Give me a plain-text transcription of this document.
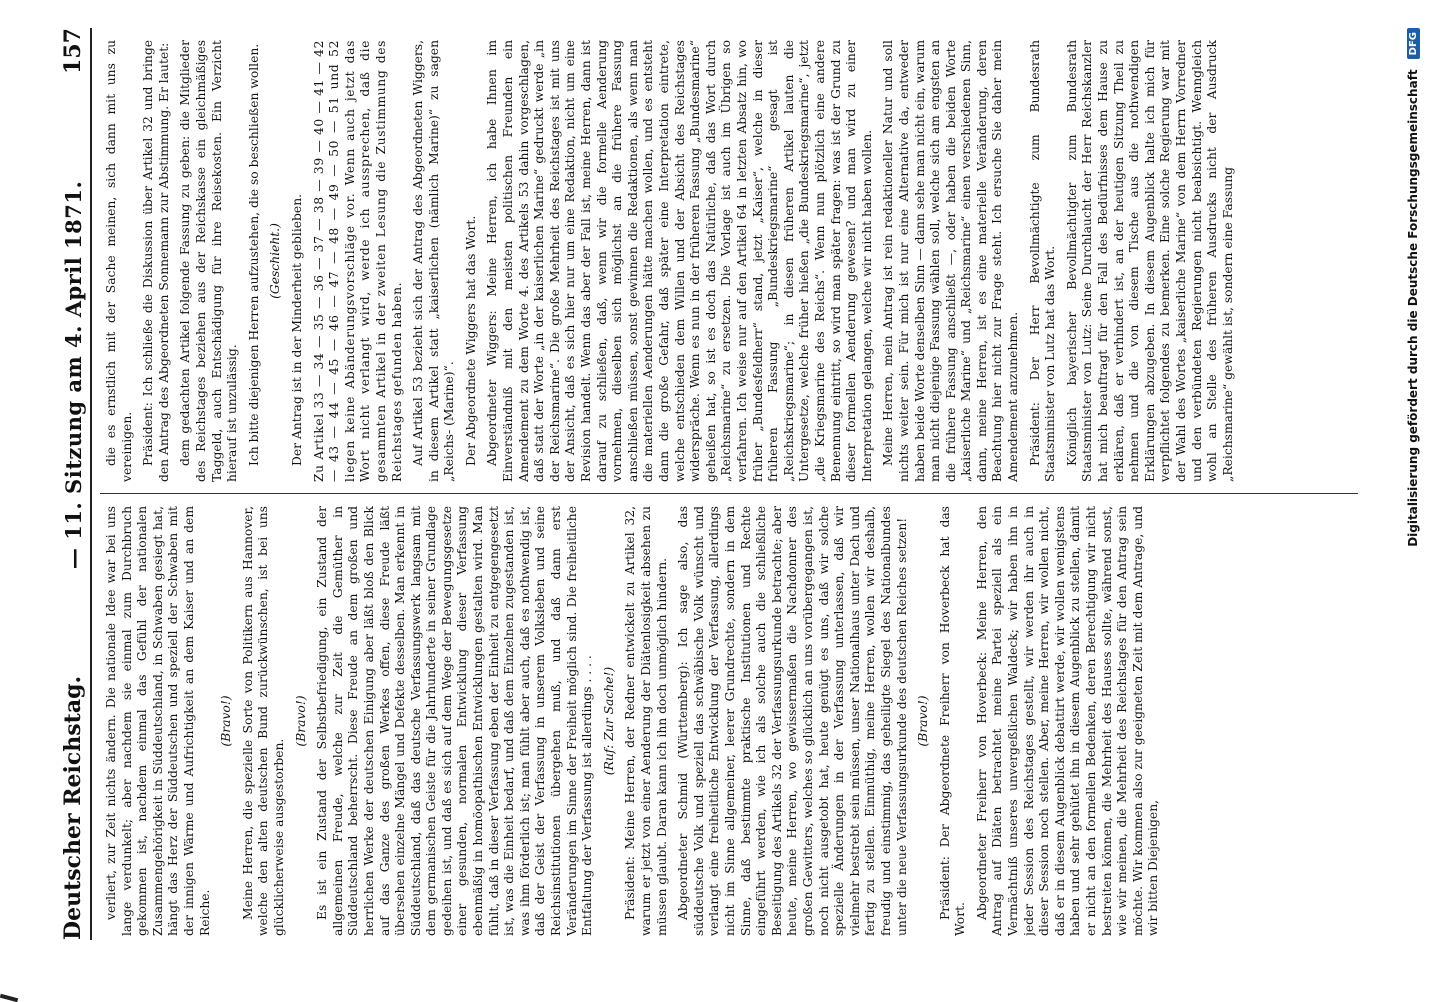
Deutscher Reichstag.
— 11. Sitzung am 4. April 1871.
157

verliert, zur Zeit nichts ändern. Die nationale Idee war bei uns lange verdunkelt; aber nachdem sie einmal zum Durchbruch gekommen ist, nachdem einmal das Gefühl der nationalen Zusammengehörigkeit in Süddeutschland, in Schwaben gesiegt hat, hängt das Herz der Süddeutschen und speziell der Schwaben mit der innigen Wärme und Aufrichtigkeit an dem Kaiser und an dem Reiche.

(Bravo!) Meine Herren, die spezielle Sorte von Politikern aus Hannover, welche den alten deutschen Bund zurückwünschen, ist bei uns glücklicherweise ausgestorben.

(Bravo!) Es ist ein Zustand der Selbstbefriedigung, ein Zustand der allgemeinen Freude, welche zur Zeit die Gemüther in Süddeutschland beherrscht. Diese Freude an dem großen und herrlichen Werke der deutschen Einigung aber läßt bloß den Blick auf das Ganze des großen Werkes offen, diese Freude läßt übersehen einzelne Mängel und Defekte desselben. Man erkennt in Süddeutschland, daß das deutsche Verfassungswerk langsam mit dem germanischen Geiste für die Jahrhunderte in seiner Grundlage gedeihen ist, und daß es sich auf dem Wege der Bewegungsgesetze einer gesunden, normalen Entwicklung dieser Verfassung ebenmäßig in homöopathischen Entwicklungen gestalten wird. Man fühlt, daß in dieser Verfassung eben der Einheit zu entgegengesetzt ist, was die Einheit bedarf, und daß dem Einzelnen zugestanden ist, was ihm förderlich ist; man fühlt aber auch, daß es nothwendig ist, daß der Geist der Verfassung in unserem Volksleben und seine Reichsinstitutionen übergehen muß, und daß dann erst Veränderungen im Sinne der Freiheit möglich sind. Die freiheitliche Entfaltung der Verfassung ist allerdings . . . . (Ruf: Zur Sache!) Präsident: Meine Herren, der Redner entwickelt zu Artikel 32, warum er jetzt von einer Aenderung der Diätenlosigkeit absehen zu müssen glaubt. Daran kann ich ihn doch unmöglich hindern. Abgeordneter Schmid (Württemberg): Ich sage also, das süddeutsche Volk und speziell das schwäbische Volk wünscht und verlangt eine freiheitliche Entwicklung der Verfassung, allerdings nicht im Sinne allgemeiner, leerer Grundrechte, sondern in dem Sinne, daß bestimmte praktische Institutionen und Rechte eingeführt werden, wie ich als solche auch die schließliche Beseitigung des Artikels 32 der Verfassungsurkunde betrachte; aber heute, meine Herren, wo gewissermaßen die Nachdonner des großen Gewitters, welches so glücklich an uns vorübergegangen ist, noch nicht ausgetobt hat, heute genügt es uns, daß wir solche spezielle Änderungen in der Verfassung unterlassen, daß wir vielmehr bestrebt sein müssen, unser Nationalhaus unter Dach und fertig zu stellen. Einmüthig, meine Herren, wollen wir deshalb, freudig und einstimmig, das geheiligte Siegel des Nationalbundes unter die neue Verfassungsurkunde des deutschen Reiches setzen! (Bravo!) Präsident: Der Abgeordnete Freiherr von Hoverbeck hat das Wort. Abgeordneter Freiherr von Hoverbeck: Meine Herren, den Antrag auf Diäten betrachtet meine Partei speziell als ein Vermächtniß unseres unvergeßlichen Waldeck; wir haben ihn in jeder Session des Reichstages gestellt, wir werden ihr auch in dieser Session noch stellen. Aber, meine Herren, wir wollen nicht, daß er in diesem Augenblick debattirt werde, wir wollen wenigstens haben und sehr gehütet ihn in diesem Augenblick zu stellen, damit er nicht an den formellen Bedenken, deren Berechtigung wir nicht bestreiten können, die Mehrheit des Hauses sollte, während sonst, wie wir meinen, die Mehrheit des Reichstages für den Antrag sein möchte. Wir kommen also zur geeigneten Zeit mit dem Antrage, und wir bitten Diejenigen,

die es ernstlich mit der Sache meinen, sich dann mit uns zu vereinigen. Präsident: Ich schließe die Diskussion über Artikel 32 und bringe den Antrag des Abgeordneten Sonnemann zur Abstimmung. Er lautet: dem gedachten Artikel folgende Fassung zu geben: die Mitglieder des Reichstages beziehen aus der Reichskasse ein gleichmäßiges Taggeld, auch Entschädigung für ihre Reisekosten. Ein Verzicht hierauf ist unzulässig. Ich bitte diejenigen Herren aufzustehen, die so beschließen wollen. (Geschieht.) Der Antrag ist in der Minderheit geblieben. Zu Artikel 33 — 34 — 35 — 36 — 37 — 38 — 39 — 40 — 41 — 42 — 43 — 44 — 45 — 46 — 47 — 48 — 49 — 50 — 51 und 52 liegen keine Abänderungsvorschläge vor. Wenn auch jetzt das Wort nicht verlangt wird, werde ich aussprechen, daß die gesammten Artikel in der zweiten Lesung die Zustimmung des Reichstages gefunden haben. Auf Artikel 53 bezieht sich der Antrag des Abgeordneten Wiggers, in diesem Artikel statt „kaiserlichen (nämlich Marine)“ zu sagen „Reichs- (Marine)“. Der Abgeordnete Wiggers hat das Wort. Abgeordneter Wiggers: Meine Herren, ich habe Ihnen im Einverständniß mit den meisten politischen Freunden ein Amendement zu dem Worte 4. des Artikels 53 dahin vorgeschlagen, daß statt der Worte „in der kaiserlichen Marine“ gedruckt werde „in der Reichsmarine“. Die große Mehrheit des Reichstages ist mit uns der Ansicht, daß es sich hier nur um eine Redaktion, nicht um eine Revision handelt. Wenn das aber der Fall ist, meine Herren, dann ist darauf zu schließen, daß, wenn wir die formelle Aenderung vornehmen, dieselben sich möglichst an die frühere Fassung anschließen müssen, sonst gewinnen die Redaktionen, als wenn man die materiellen Aenderungen hätte machen wollen, und es entsteht dann die große Gefahr, daß später eine Interpretation eintrete, welche entschieden dem Willen und der Absicht des Reichstages widerspräche. Wenn es nun in der früheren Fassung „Bundesmarine“ geheißen hat, so ist es doch das Natürliche, daß das Wort durch „Reichsmarine“ zu ersetzen. Die Vorlage ist auch im Übrigen so verfahren. Ich weise nur auf den Artikel 64 in letzten Absatz hin, wo früher „Bundesfeldherr“ stand, jetzt „Kaiser“, welche in dieser früheren Fassung „Bundeskriegsmarine“ gesagt ist „Reichskriegsmarine“; in diesen früheren Artikel lauten die Untergesetze, welche früher hießen „die Bundeskriegsmarine“, jetzt „die Kriegsmarine des Reichs“. Wenn nun plötzlich eine andere Benennung eintritt, so wird man später fragen: was ist der Grund zu dieser formellen Aenderung gewesen? und man wird zu einer Interpretation gelangen, welche wir nicht haben wollen. Meine Herren, mein Antrag ist rein redaktioneller Natur und soll nichts weiter sein. Für mich ist nur eine Alternative da, entweder haben beide Worte denselben Sinn — dann sehe man nicht ein, warum man nicht diejenige Fassung wählen soll, welche sich am engsten an die frühere Fassung anschließt —, oder haben die beiden Worte „kaiserliche Marine“ und „Reichsmarine“ einen verschiedenen Sinn, dann, meine Herren, ist es eine materielle Veränderung, deren Beachtung hier nicht zur Frage steht. Ich ersuche Sie daher mein Amendement anzunehmen. Präsident: Der Herr Bevollmächtigte zum Bundesrath Staatsminister von Lutz hat das Wort. Königlich bayerischer Bevollmächtigter zum Bundesrath Staatsminister von Lutz: Seine Durchlaucht der Herr Reichskanzler hat mich beauftragt für den Fall des Bedürfnisses dem Hause zu erklären, daß er verhindert ist, an der heutigen Sitzung Theil zu nehmen und die von diesem Tische aus die nothwendigen Erklärungen abzugeben. In diesem Augenblick halte ich mich für verpflichtet folgendes zu bemerken. Eine solche Regierung war mit der Wahl des Wortes „kaiserliche Marine“ von dem Herrn Vorredner und den verbündeten Regierungen nicht beabsichtigt. Wenngleich wohl an Stelle des früheren Ausdrucks nicht der Ausdruck „Reichsmarine“ gewählt ist, sondern eine Fassung	Digitalisierung gefördert durch die Deutsche Forschungsgemeinschaft
DFG
